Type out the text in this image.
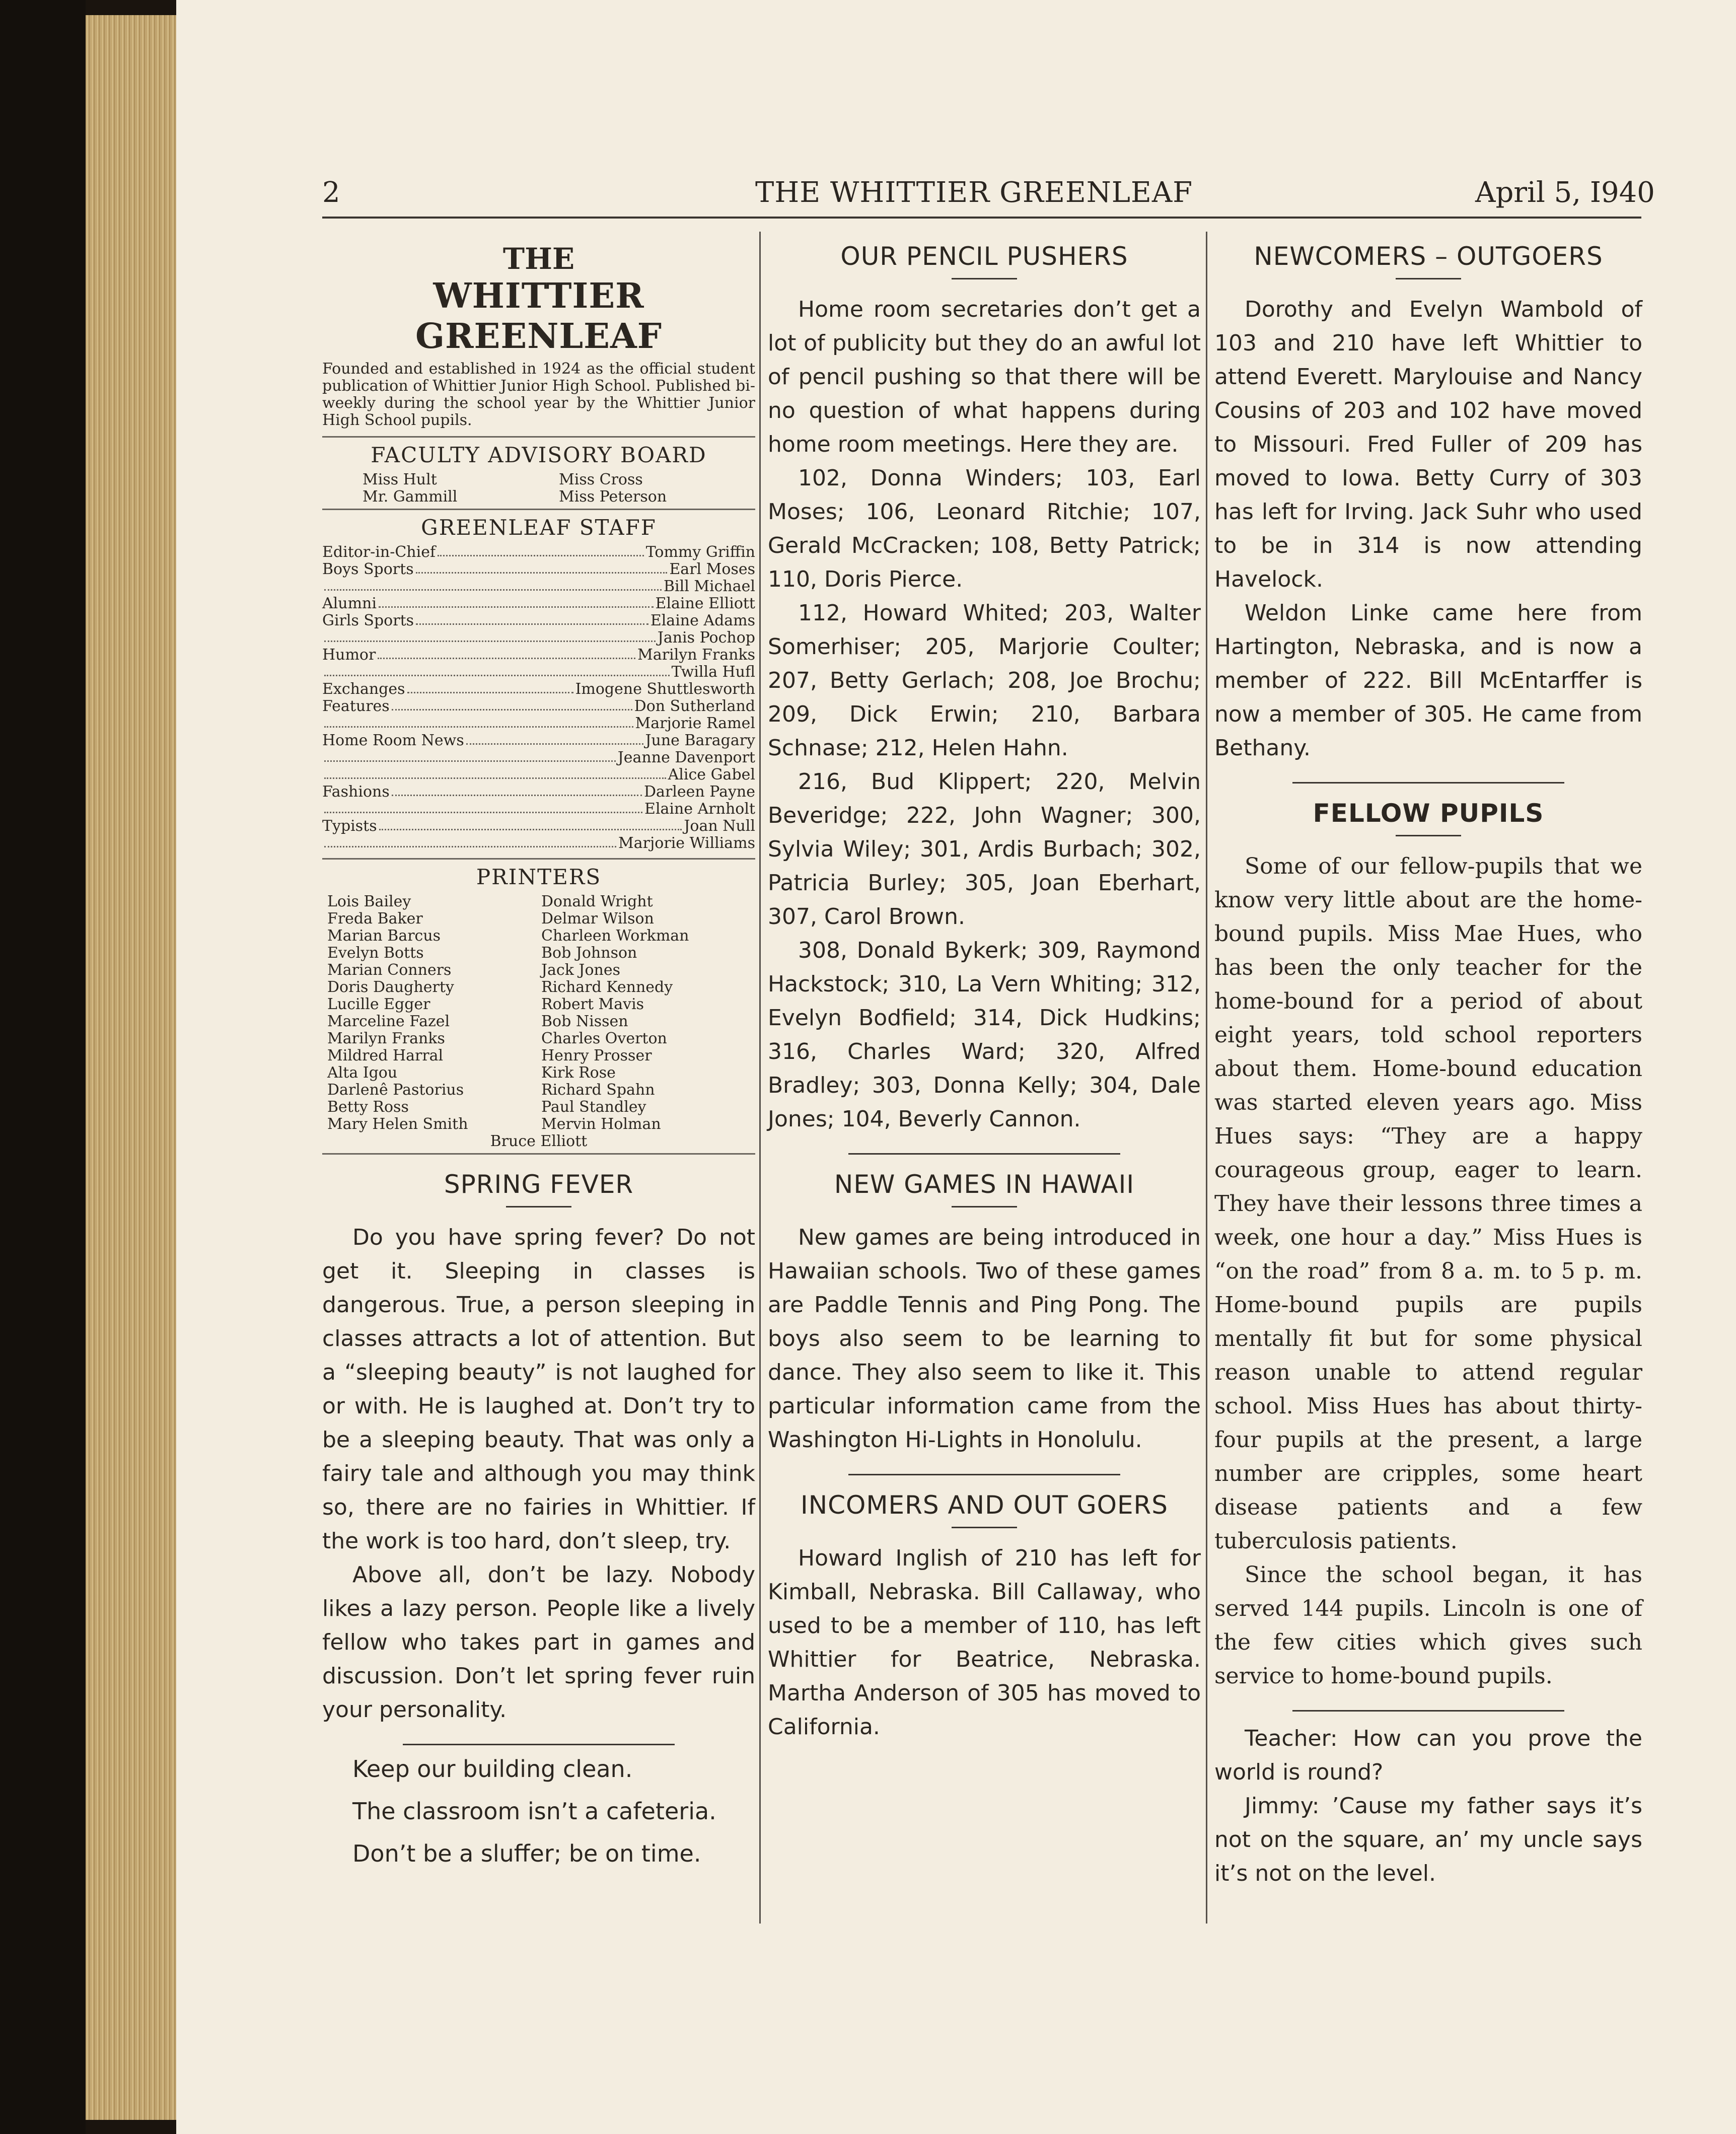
2	THE WHITTIER GREENLEAF	April 5, I940
THE
WHITTIER GREENLEAF
Founded and established in 1924 as the official student publication of Whittier Junior High School. Published bi-weekly during the school year by the Whittier Junior High School pupils.
FACULTY ADVISORY BOARD
Miss Hult	Miss Cross
Mr. Gammill	Miss Peterson
GREENLEAF STAFF
Editor-in-Chief	Tommy Griffin
Boys Sports	Earl Moses
Bill Michael
Alumni	Elaine Elliott
Girls Sports	Elaine Adams
Janis Pochop
Humor	Marilyn Franks
Twilla Hufl
Exchanges	Imogene Shuttlesworth
Features	Don Sutherland
Marjorie Ramel
Home Room News	June Baragary
Jeanne Davenport
Alice Gabel
Fashions	Darleen Payne
Elaine Arnholt
Typists	Joan Null
Marjorie Williams
PRINTERS
Lois Bailey	Donald Wright
Freda Baker	Delmar Wilson
Marian Barcus	Charleen Workman
Evelyn Botts	Bob Johnson
Marian Conners	Jack Jones
Doris Daugherty	Richard Kennedy
Lucille Egger	Robert Mavis
Marceline Fazel	Bob Nissen
Marilyn Franks	Charles Overton
Mildred Harral	Henry Prosser
Alta Igou	Kirk Rose
Darlenê Pastorius	Richard Spahn
Betty Ross	Paul Standley
Mary Helen Smith	Mervin Holman
Bruce Elliott
SPRING FEVER

Do you have spring fever? Do not get it. Sleeping in classes is dangerous. True, a person sleeping in classes attracts a lot of attention. But a “sleeping beauty” is not laughed for or with. He is laughed at. Don’t try to be a sleeping beauty. That was only a fairy tale and although you may think so, there are no fairies in Whittier. If the work is too hard, don’t sleep, try.

Above all, don’t be lazy. Nobody likes a lazy person. People like a lively fellow who takes part in games and discussion. Don’t let spring fever ruin your personality.

Keep our building clean.
The classroom isn’t a cafeteria.
Don’t be a sluffer; be on time.
OUR PENCIL PUSHERS

Home room secretaries don’t get a lot of publicity but they do an awful lot of pencil pushing so that there will be no question of what happens during home room meetings. Here they are.

102, Donna Winders; 103, Earl Moses; 106, Leonard Ritchie; 107, Gerald McCracken; 108, Betty Patrick; 110, Doris Pierce.

112, Howard Whited; 203, Walter Somerhiser; 205, Marjorie Coulter; 207, Betty Gerlach; 208, Joe Brochu; 209, Dick Erwin; 210, Barbara Schnase; 212, Helen Hahn.

216, Bud Klippert; 220, Melvin Beveridge; 222, John Wagner; 300, Sylvia Wiley; 301, Ardis Burbach; 302, Patricia Burley; 305, Joan Eberhart, 307, Carol Brown.

308, Donald Bykerk; 309, Raymond Hackstock; 310, La Vern Whiting; 312, Evelyn Bodfield; 314, Dick Hudkins; 316, Charles Ward; 320, Alfred Bradley; 303, Donna Kelly; 304, Dale Jones; 104, Beverly Cannon.

NEW GAMES IN HAWAII

New games are being introduced in Hawaiian schools. Two of these games are Paddle Tennis and Ping Pong. The boys also seem to be learning to dance. They also seem to like it. This particular information came from the Washington Hi-Lights in Honolulu.

INCOMERS AND OUT GOERS

Howard Inglish of 210 has left for Kimball, Nebraska. Bill Callaway, who used to be a member of 110, has left Whittier for Beatrice, Nebraska. Martha Anderson of 305 has moved to California.

NEWCOMERS – OUTGOERS

Dorothy and Evelyn Wambold of 103 and 210 have left Whittier to attend Everett. Marylouise and Nancy Cousins of 203 and 102 have moved to Missouri. Fred Fuller of 209 has moved to Iowa. Betty Curry of 303 has left for Irving. Jack Suhr who used to be in 314 is now attending Havelock.

Weldon Linke came here from Hartington, Nebraska, and is now a member of 222. Bill McEntarffer is now a member of 305. He came from Bethany.

FELLOW PUPILS

Some of our fellow-pupils that we know very little about are the home-bound pupils. Miss Mae Hues, who has been the only teacher for the home-bound for a period of about eight years, told school reporters about them. Home-bound education was started eleven years ago. Miss Hues says: “They are a happy courageous group, eager to learn. They have their lessons three times a week, one hour a day.” Miss Hues is “on the road” from 8 a. m. to 5 p. m. Home-bound pupils are pupils mentally fit but for some physical reason unable to attend regular school. Miss Hues has about thirty-four pupils at the present, a large number are cripples, some heart disease patients and a few tuberculosis patients.

Since the school began, it has served 144 pupils. Lincoln is one of the few cities which gives such service to home-bound pupils.

Teacher: How can you prove the world is round?

Jimmy: ’Cause my father says it’s not on the square, an’ my uncle says it’s not on the level.
